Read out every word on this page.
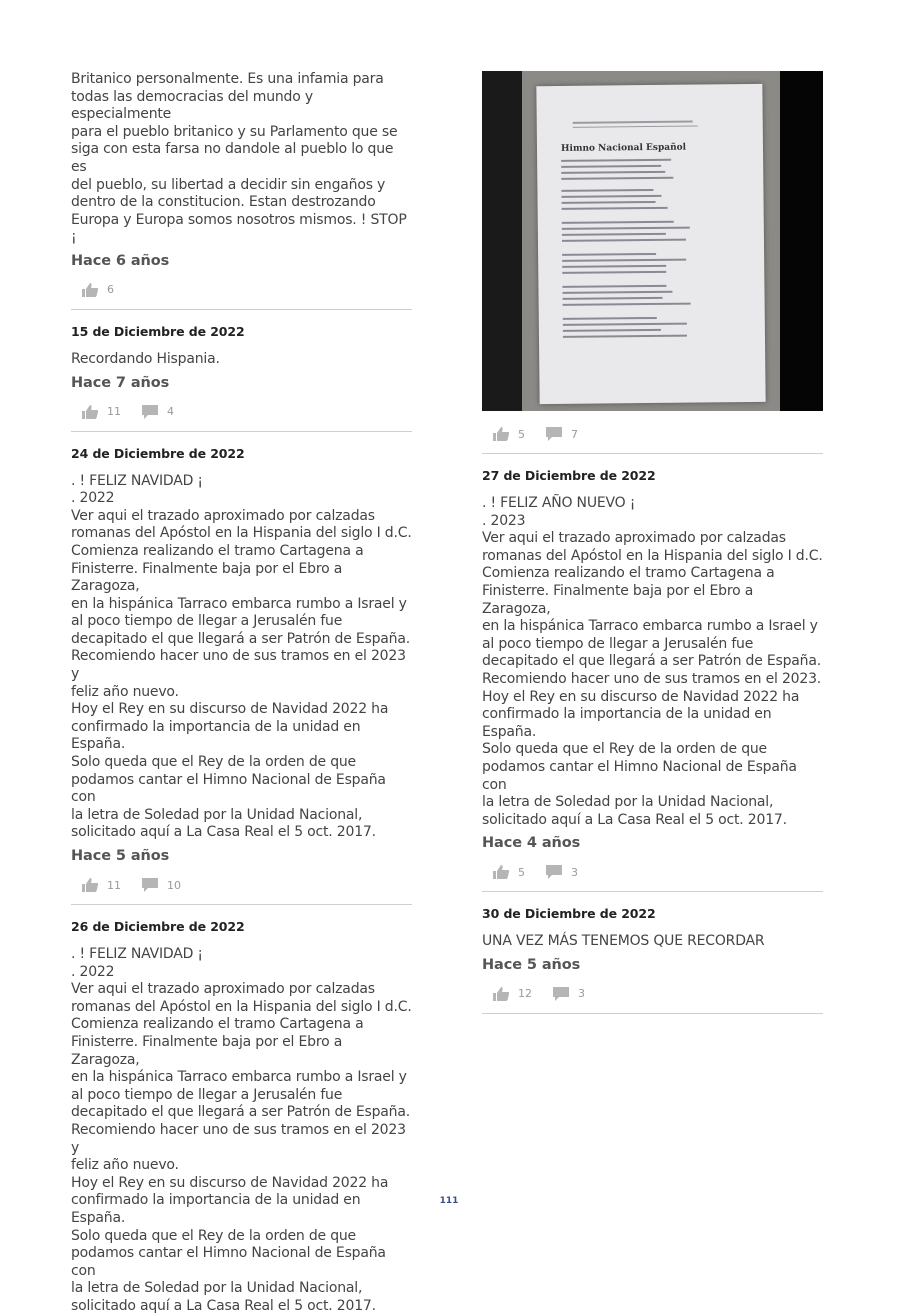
Britanico personalmente. Es una infamia para
todas las democracias del mundo y especialmente
para el pueblo britanico y su Parlamento que se
siga con esta farsa no dandole al pueblo lo que es
del pueblo, su libertad a decidir sin engaños y
dentro de la constitucion. Estan destrozando
Europa y Europa somos nosotros mismos. ! STOP ¡

Hace 6 años
6
15 de Diciembre de 2022

Recordando Hispania.

Hace 7 años
11	4
24 de Diciembre de 2022

. ! FELIZ NAVIDAD ¡
. 2022
Ver aqui el trazado aproximado por calzadas
romanas del Apóstol en la Hispania del siglo I d.C.
Comienza realizando el tramo Cartagena a
Finisterre. Finalmente baja por el Ebro a Zaragoza,
en la hispánica Tarraco embarca rumbo a Israel y
al poco tiempo de llegar a Jerusalén fue
decapitado el que llegará a ser Patrón de España.
Recomiendo hacer uno de sus tramos en el 2023 y
feliz año nuevo.
Hoy el Rey en su discurso de Navidad 2022 ha
confirmado la importancia de la unidad en
España.
Solo queda que el Rey de la orden de que
podamos cantar el Himno Nacional de España con
la letra de Soledad por la Unidad Nacional,
solicitado aquí a La Casa Real el 5 oct. 2017.

Hace 5 años
11	10
26 de Diciembre de 2022

. ! FELIZ NAVIDAD ¡
. 2022
Ver aqui el trazado aproximado por calzadas
romanas del Apóstol en la Hispania del siglo I d.C.
Comienza realizando el tramo Cartagena a
Finisterre. Finalmente baja por el Ebro a Zaragoza,
en la hispánica Tarraco embarca rumbo a Israel y
al poco tiempo de llegar a Jerusalén fue
decapitado el que llegará a ser Patrón de España.
Recomiendo hacer uno de sus tramos en el 2023 y
feliz año nuevo.
Hoy el Rey en su discurso de Navidad 2022 ha
confirmado la importancia de la unidad en
España.
Solo queda que el Rey de la orden de que
podamos cantar el Himno Nacional de España con
la letra de Soledad por la Unidad Nacional,
solicitado aquí a La Casa Real el 5 oct. 2017.

Himno Nacional Español
5	7
27 de Diciembre de 2022

. ! FELIZ AÑO NUEVO ¡
. 2023
Ver aqui el trazado aproximado por calzadas
romanas del Apóstol en la Hispania del siglo I d.C.
Comienza realizando el tramo Cartagena a
Finisterre. Finalmente baja por el Ebro a Zaragoza,
en la hispánica Tarraco embarca rumbo a Israel y
al poco tiempo de llegar a Jerusalén fue
decapitado el que llegará a ser Patrón de España.
Recomiendo hacer uno de sus tramos en el 2023.
Hoy el Rey en su discurso de Navidad 2022 ha
confirmado la importancia de la unidad en
España.
Solo queda que el Rey de la orden de que
podamos cantar el Himno Nacional de España con
la letra de Soledad por la Unidad Nacional,
solicitado aquí a La Casa Real el 5 oct. 2017.

Hace 4 años
5	3
30 de Diciembre de 2022

UNA VEZ MÁS TENEMOS QUE RECORDAR

Hace 5 años
12	3
111
